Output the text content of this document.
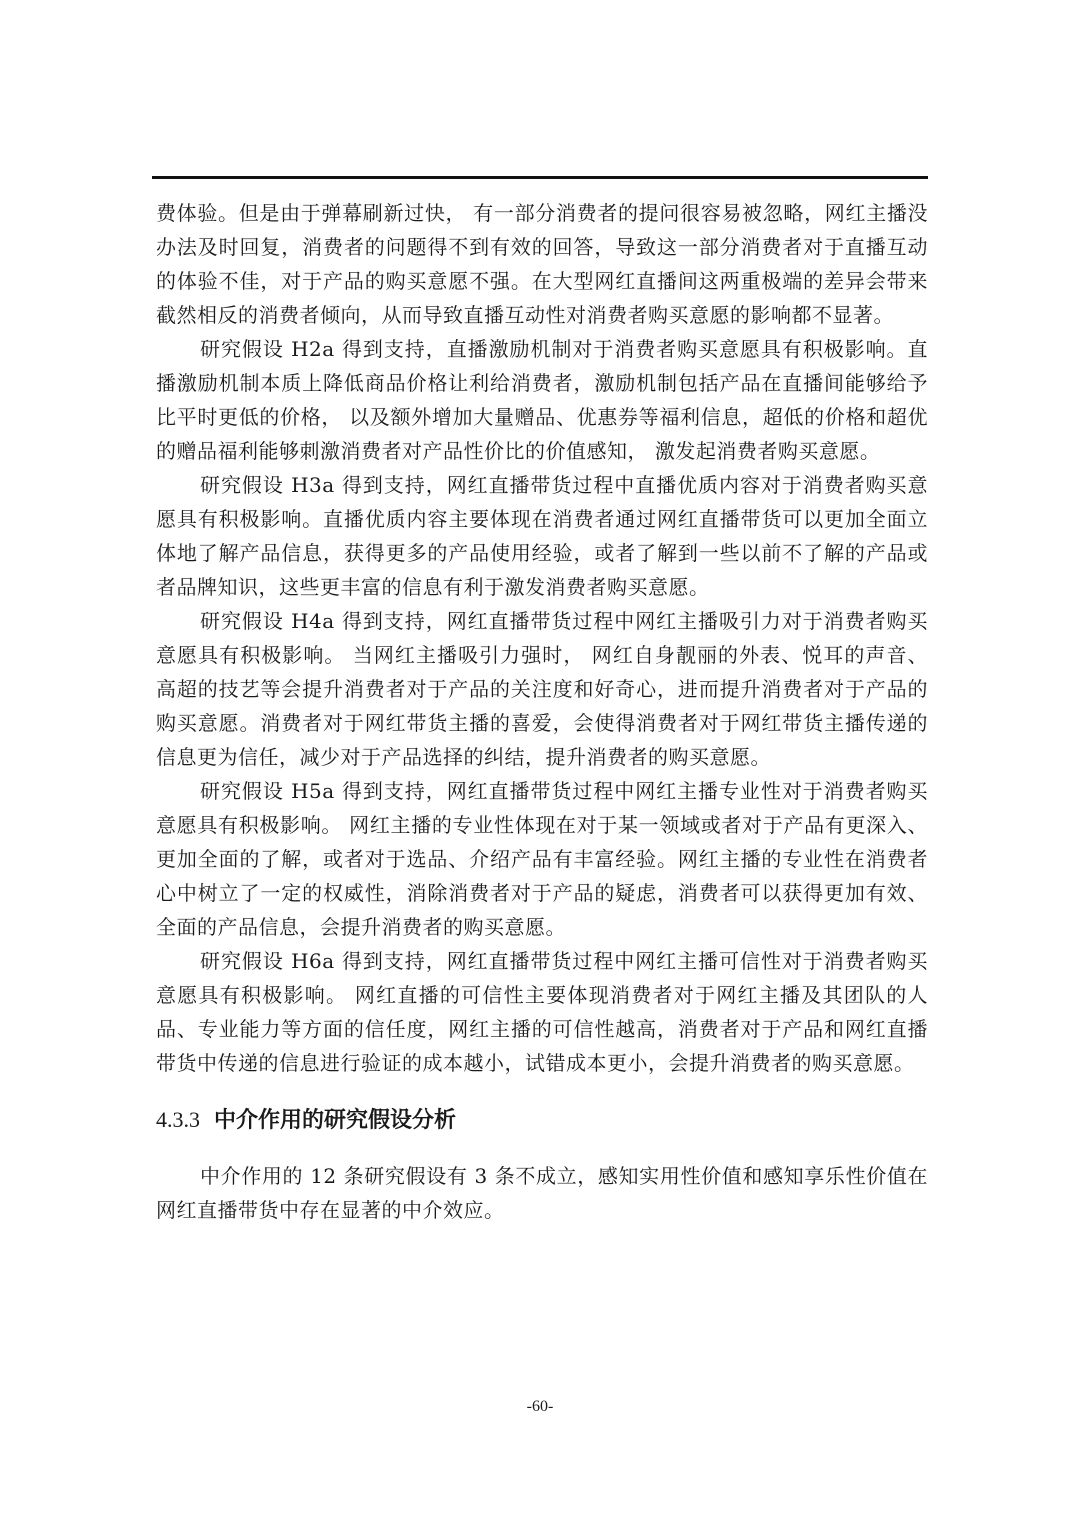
费体验。但是由于弹幕刷新过快， 有一部分消费者的提问很容易被忽略，网红主播没办法及时回复，消费者的问题得不到有效的回答，导致这一部分消费者对于直播互动的体验不佳，对于产品的购买意愿不强。在大型网红直播间这两重极端的差异会带来截然相反的消费者倾向，从而导致直播互动性对消费者购买意愿的影响都不显著。

研究假设 H2a 得到支持，直播激励机制对于消费者购买意愿具有积极影响。直播激励机制本质上降低商品价格让利给消费者，激励机制包括产品在直播间能够给予比平时更低的价格， 以及额外增加大量赠品、优惠券等福利信息，超低的价格和超优的赠品福利能够刺激消费者对产品性价比的价值感知， 激发起消费者购买意愿。

研究假设 H3a 得到支持，网红直播带货过程中直播优质内容对于消费者购买意愿具有积极影响。直播优质内容主要体现在消费者通过网红直播带货可以更加全面立体地了解产品信息，获得更多的产品使用经验，或者了解到一些以前不了解的产品或者品牌知识，这些更丰富的信息有利于激发消费者购买意愿。

研究假设 H4a 得到支持，网红直播带货过程中网红主播吸引力对于消费者购买意愿具有积极影响。 当网红主播吸引力强时， 网红自身靓丽的外表、悦耳的声音、高超的技艺等会提升消费者对于产品的关注度和好奇心，进而提升消费者对于产品的购买意愿。消费者对于网红带货主播的喜爱，会使得消费者对于网红带货主播传递的信息更为信任，减少对于产品选择的纠结，提升消费者的购买意愿。

研究假设 H5a 得到支持，网红直播带货过程中网红主播专业性对于消费者购买意愿具有积极影响。 网红主播的专业性体现在对于某一领域或者对于产品有更深入、更加全面的了解，或者对于选品、介绍产品有丰富经验。网红主播的专业性在消费者心中树立了一定的权威性，消除消费者对于产品的疑虑，消费者可以获得更加有效、全面的产品信息，会提升消费者的购买意愿。

研究假设 H6a 得到支持，网红直播带货过程中网红主播可信性对于消费者购买意愿具有积极影响。 网红直播的可信性主要体现消费者对于网红主播及其团队的人品、专业能力等方面的信任度，网红主播的可信性越高，消费者对于产品和网红直播带货中传递的信息进行验证的成本越小，试错成本更小，会提升消费者的购买意愿。

4.3.3 中介作用的研究假设分析

中介作用的 12 条研究假设有 3 条不成立，感知实用性价值和感知享乐性价值在网红直播带货中存在显著的中介效应。

-60-
